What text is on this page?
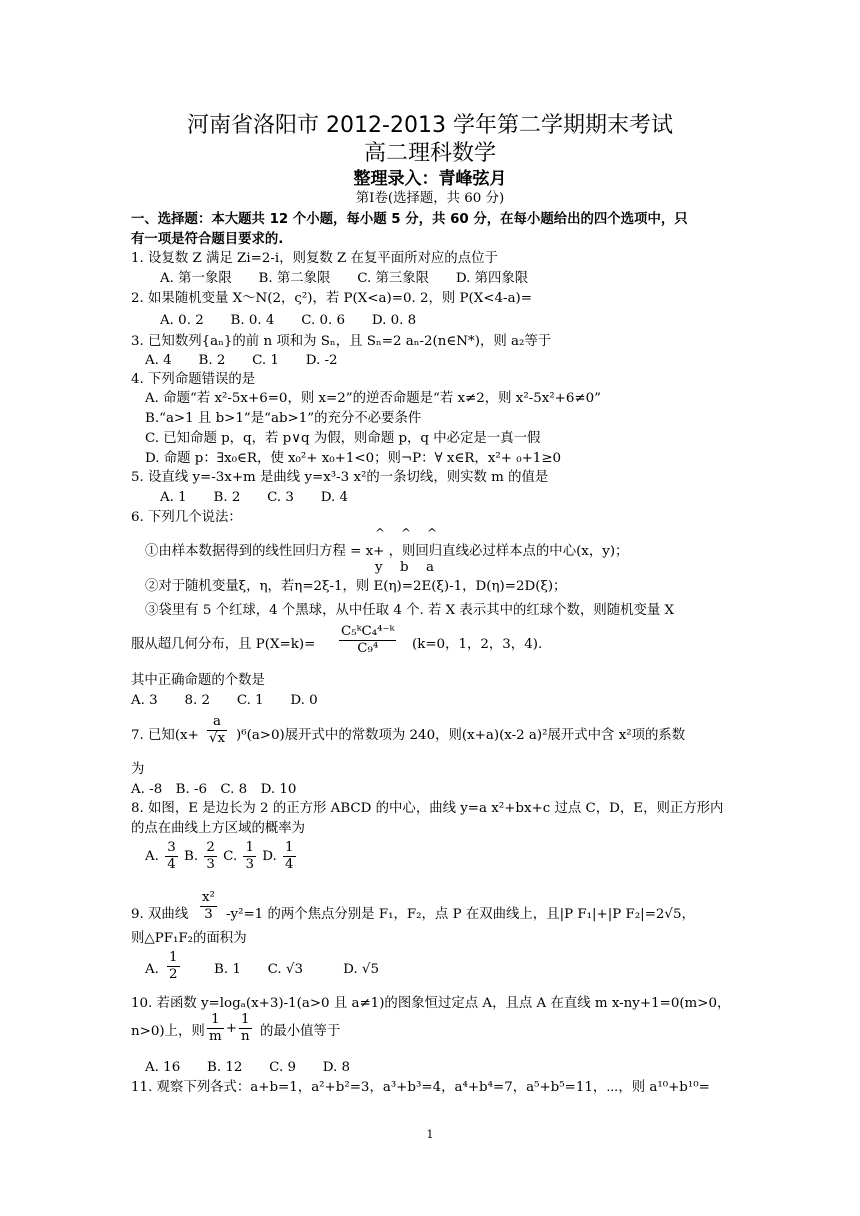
河南省洛阳市 2012-2013 学年第二学期期末考试
高二理科数学
整理录入：青峰弦月
第Ⅰ卷(选择题，共 60 分)
一、选择题：本大题共 12 个小题，每小题 5 分，共 60 分，在每小题给出的四个选项中，只
有一项是符合题目要求的.
1. 设复数 Z 满足 Zi=2-i，则复数 Z 在复平面所对应的点位于
A. 第一象限　　B. 第二象限　　C. 第三象限　　D. 第四象限
2. 如果随机变量 X～N(2，ς²)，若 P(X<a)=0. 2，则 P(X<4-a)=
A. 0. 2　　B. 0. 4　　C. 0. 6　　D. 0. 8
3. 已知数列{aₙ}的前 n 项和为 Sₙ，且 Sₙ=2 aₙ-2(n∈N*)，则 a₂等于
A. 4　　B. 2　　C. 1　　D. -2
4. 下列命题错误的是
A. 命题“若 x²-5x+6=0，则 x=2”的逆否命题是“若 x≠2，则 x²-5x²+6≠0”
B.“a>1 且 b>1”是“ab>1”的充分不必要条件
C. 已知命题 p，q，若 p∨q 为假，则命题 p，q 中必定是一真一假
D. 命题 p：∃x₀∈R，使 x₀²+ x₀+1<0；则¬P：∀ x∈R，x²+ ₀+1≥0
5. 设直线 y=-3x+m 是曲线 y=x³-3 x²的一条切线，则实数 m 的值是
A. 1　　B. 2　　C. 3　　D. 4
6. 下列几个说法：
^ ^ ^
①由样本数据得到的线性回归方程 = x+ ，则回归直线必过样本点的中心(x，y)；
y b a
②对于随机变量ξ，η，若η=2ξ-1，则 E(η)=2E(ξ)-1，D(η)=2D(ξ)；
③袋里有 5 个红球，4 个黑球，从中任取 4 个. 若 X 表示其中的红球个数，则随机变量 X
服从超几何分布，且 $P(X=k)= \frac{\text{C₅ᵏC₄⁴⁻ᵏ}}{\text{C₉⁴}} (k=0$，1，2，3，4).
其中正确命题的个数是
A. 3　　8. 2　　C. 1　　D. 0
7. 已知$(x+ \frac{a}{√x} )^6(a>0)$展开式中的常数项为 240，则(x+a)(x-2 a)²展开式中含 x²项的系数
为
A. -8　B. -6　C. 8　D. 10
8. 如图，E 是边长为 2 的正方形 ABCD 的中心，曲线 y=a x²+bx+c 过点 C，D，E，则正方形内
的点在曲线上方区域的概率为
A. $\frac{3}{4} B$. $\frac{2}{3} C$. $\frac{1}{3} D$. $\frac{1}{4}$
9. 双曲线 $\frac{\text{x²}}{3} -y^2=1$ 的两个焦点分别是 F₁，F₂，点 P 在双曲线上，且|P F₁|+|P F₂|=2√5，
则△PF₁F₂的面积为
A. $\frac{1}{2}$	B. 1　　C. √3　　　D. √5
10. 若函数 y=logₐ(x+3)-1(a>0 且 a≠1)的图象恒过定点 A，且点 A 在直线 m x-ny+1=0(m>0，
n>0)上，则 $\frac{1}{m} + \frac{1}{n}$ 的最小值等于
A. 16　　B. 12　　C. 9　　D. 8
11. 观察下列各式：a+b=1，a²+b²=3，a³+b³=4，a⁴+b⁴=7，a⁵+b⁵=11，⋯，则 a¹⁰+b¹⁰=
1
